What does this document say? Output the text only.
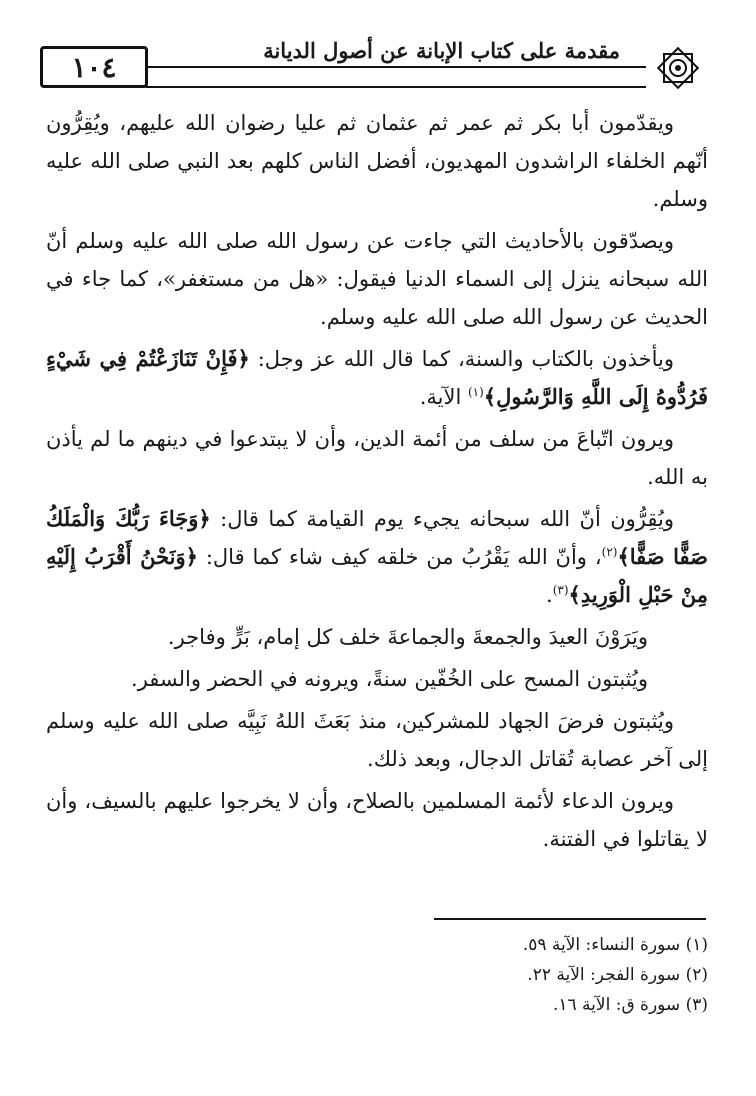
١٠٤	مقدمة على كتاب الإبانة عن أصول الديانة

ويقدّمون أبا بكر ثم عمر ثم عثمان ثم عليا رضوان الله عليهم، ويُقِرُّون أنّهم الخلفاء الراشدون المهديون، أفضل الناس كلهم بعد النبي صلى الله عليه وسلم.

ويصدّقون بالأحاديث التي جاءت عن رسول الله صلى الله عليه وسلم أنّ الله سبحانه ينزل إلى السماء الدنيا فيقول: «هل من مستغفر»، كما جاء في الحديث عن رسول الله صلى الله عليه وسلم.

ويأخذون بالكتاب والسنة، كما قال الله عز وجل: ﴿فَإِنْ تَنَازَعْتُمْ فِي شَيْءٍ فَرُدُّوهُ إِلَى اللَّهِ وَالرَّسُولِ﴾$^{(١)}$ الآية.

ويرون اتّباعَ من سلف من أئمة الدين، وأن لا يبتدعوا في دينهم ما لم يأذن به الله.

ويُقِرُّون أنّ الله سبحانه يجيء يوم القيامة كما قال: ﴿وَجَاءَ رَبُّكَ وَالْمَلَكُ صَفًّا صَفًّا﴾$^{(٢)}$، وأنّ الله يَقْرُبُ من خلقه كيف شاء كما قال: ﴿وَنَحْنُ أَقْرَبُ إِلَيْهِ مِنْ حَبْلِ الْوَرِيدِ﴾$^{(٣)}$.

ويَرَوْنَ العيدَ والجمعةَ والجماعةَ خلف كل إمام، بَرٍّ وفاجر.

ويُثبتون المسح على الخُفّين سنةً، ويرونه في الحضر والسفر.

ويُثبتون فرضَ الجهاد للمشركين، منذ بَعَثَ اللهُ نَبِيَّه صلى الله عليه وسلم إلى آخر عصابة تُقاتل الدجال، وبعد ذلك.

ويرون الدعاء لأئمة المسلمين بالصلاح، وأن لا يخرجوا عليهم بالسيف، وأن لا يقاتلوا في الفتنة.

(١) سورة النساء: الآية ٥٩.

(٢) سورة الفجر: الآية ٢٢.

(٣) سورة ق: الآية ١٦.
